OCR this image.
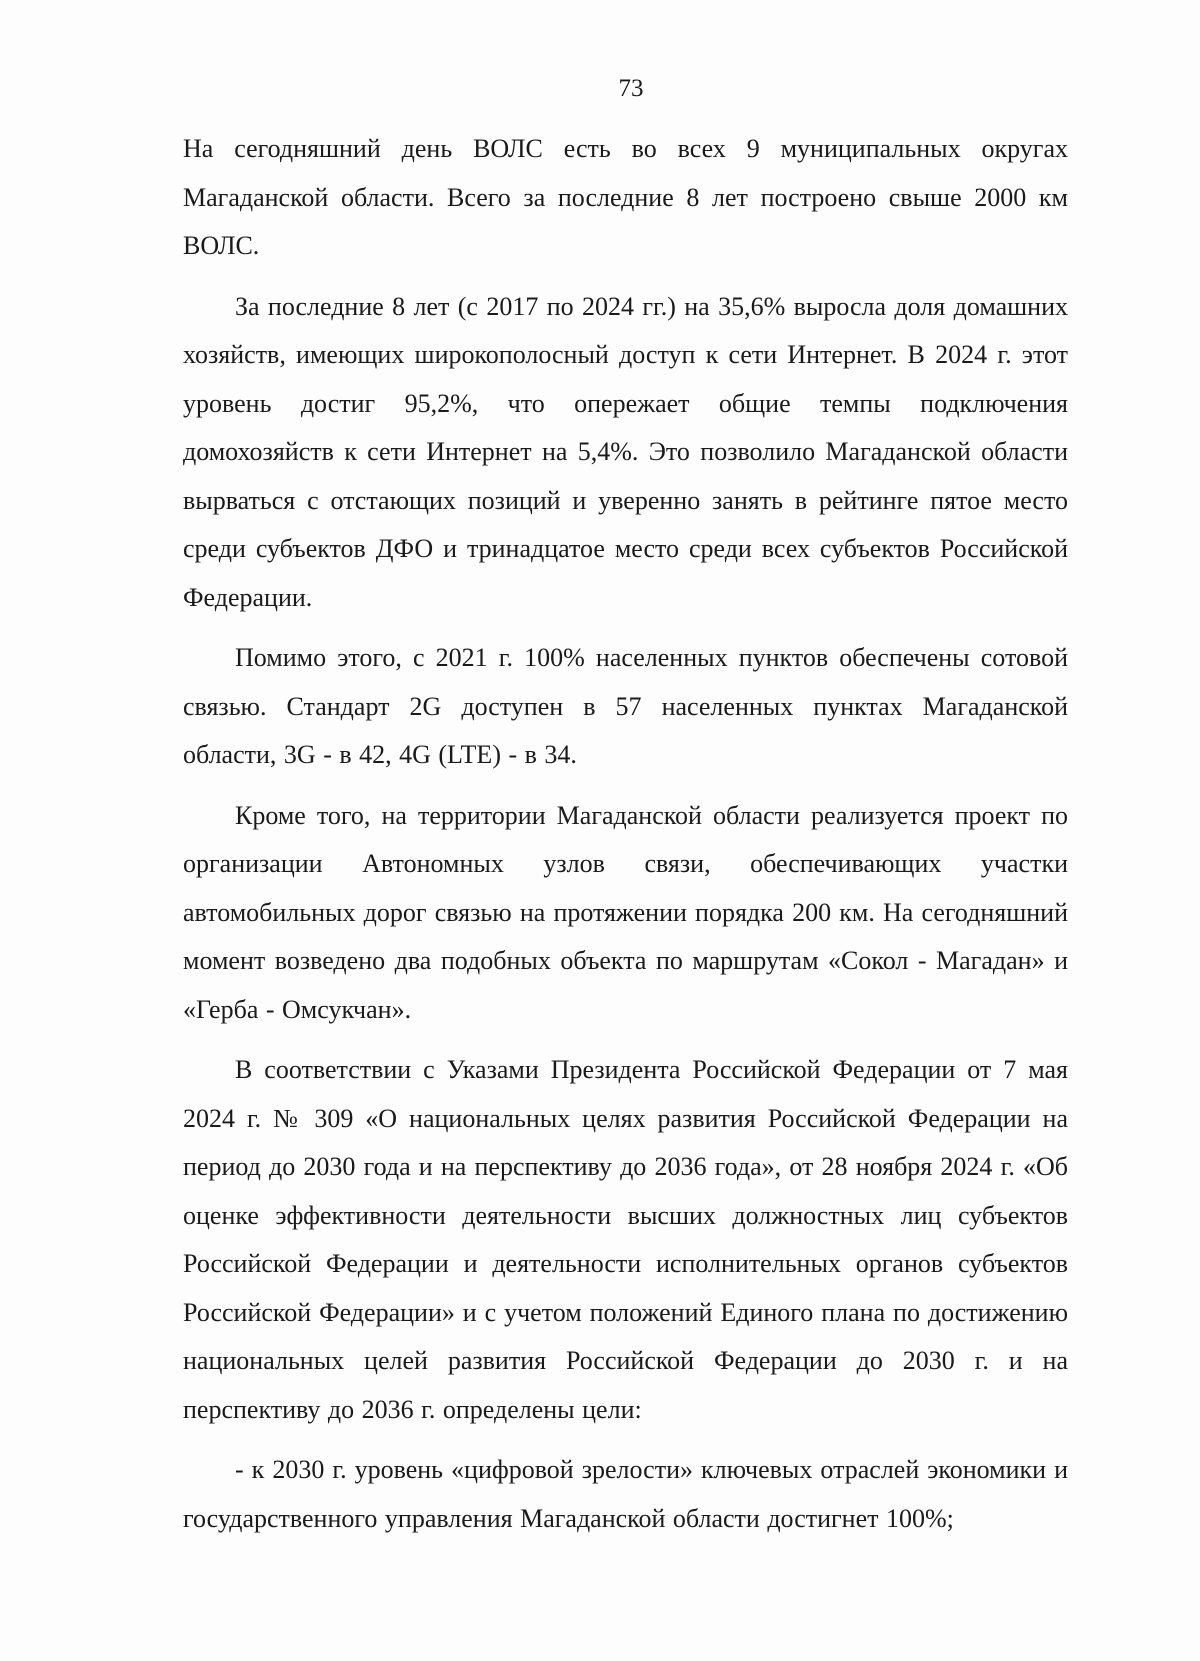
73

На сегодняшний день ВОЛС есть во всех 9 муниципальных округах Магаданской области. Всего за последние 8 лет построено свыше 2000 км ВОЛС.

За последние 8 лет (с 2017 по 2024 гг.) на 35,6% выросла доля домашних хозяйств, имеющих широкополосный доступ к сети Интернет. В 2024 г. этот уровень достиг 95,2%, что опережает общие темпы подключения домохозяйств к сети Интернет на 5,4%. Это позволило Магаданской области вырваться с отстающих позиций и уверенно занять в рейтинге пятое место среди субъектов ДФО и тринадцатое место среди всех субъектов Российской Федерации.

Помимо этого, с 2021 г. 100% населенных пунктов обеспечены сотовой связью. Стандарт 2G доступен в 57 населенных пунктах Магаданской области, 3G - в 42, 4G (LTE) - в 34.

Кроме того, на территории Магаданской области реализуется проект по организации Автономных узлов связи, обеспечивающих участки автомобильных дорог связью на протяжении порядка 200 км. На сегодняшний момент возведено два подобных объекта по маршрутам «Сокол - Магадан» и «Герба - Омсукчан».

В соответствии с Указами Президента Российской Федерации от 7 мая 2024 г. № 309 «О национальных целях развития Российской Федерации на период до 2030 года и на перспективу до 2036 года», от 28 ноября 2024 г. «Об оценке эффективности деятельности высших должностных лиц субъектов Российской Федерации и деятельности исполнительных органов субъектов Российской Федерации» и с учетом положений Единого плана по достижению национальных целей развития Российской Федерации до 2030 г. и на перспективу до 2036 г. определены цели:

- к 2030 г. уровень «цифровой зрелости» ключевых отраслей экономики и государственного управления Магаданской области достигнет 100%;
